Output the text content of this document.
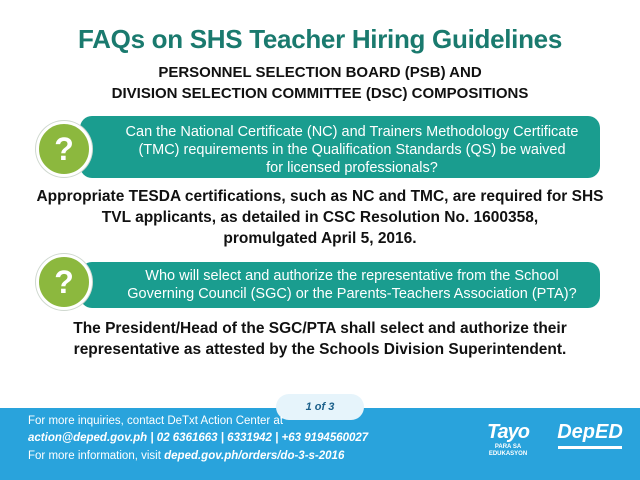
FAQs on SHS Teacher Hiring Guidelines
PERSONNEL SELECTION BOARD (PSB) AND
DIVISION SELECTION COMMITTEE (DSC) COMPOSITIONS
Can the National Certificate (NC) and Trainers Methodology Certificate
(TMC) requirements in the Qualification Standards (QS) be waived
for licensed professionals?
?
Appropriate TESDA certifications, such as NC and TMC, are required for SHS
TVL applicants, as detailed in CSC Resolution No. 1600358,
promulgated April 5, 2016.
Who will select and authorize the representative from the School
Governing Council (SGC) or the Parents-Teachers Association (PTA)?
?
The President/Head of the SGC/PTA shall select and authorize their
representative as attested by the Schools Division Superintendent.
1 of 3
For more inquiries, contact DeTxt Action Center at
action@deped.gov.ph | 02 6361663 | 6331942 | +63 9194560027
For more information, visit deped.gov.ph/orders/do-3-s-2016
Tayo
PARA SA
EDUKASYON
DepED
